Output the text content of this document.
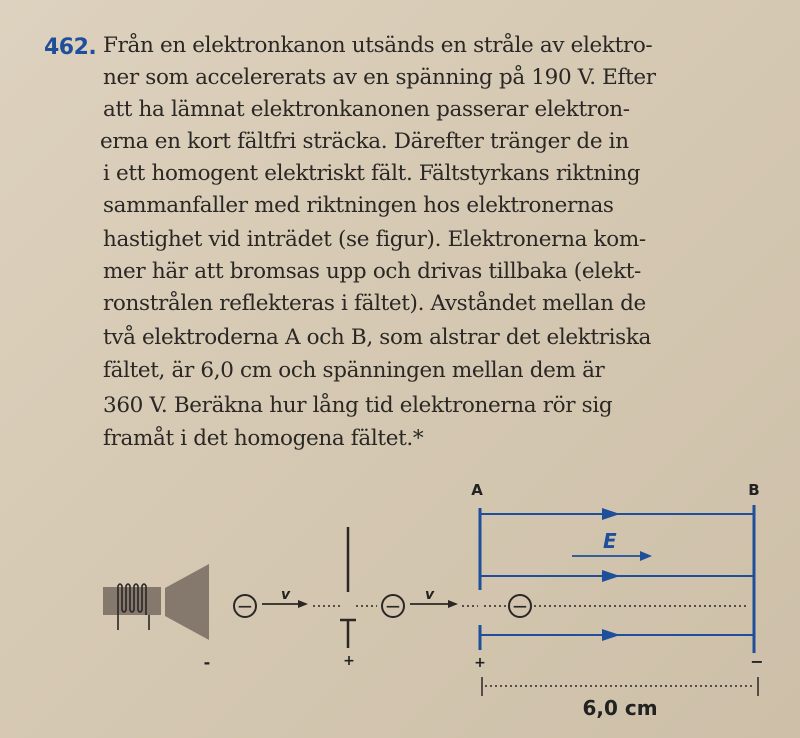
462. Från en elektronkanon utsänds en stråle av elektro-
ner som accelererats av en spänning på 190 V. Efter
att ha lämnat elektronkanonen passerar elektron-
erna en kort fältfri sträcka. Därefter tränger de in
i ett homogent elektriskt fält. Fältstyrkans riktning
sammanfaller med riktningen hos elektronernas
hastighet vid inträdet (se figur). Elektronerna kom-
mer här att bromsas upp och drivas tillbaka (elekt-
ronstrålen reflekteras i fältet). Avståndet mellan de
två elektroderna A och B, som alstrar det elektriska
fältet, är 6,0 cm och spänningen mellan dem är
360 V. Beräkna hur lång tid elektronerna rör sig
framåt i det homogena fältet.*
-
− v
+
− v
A	B
+	−
E
−
6,0 cm
